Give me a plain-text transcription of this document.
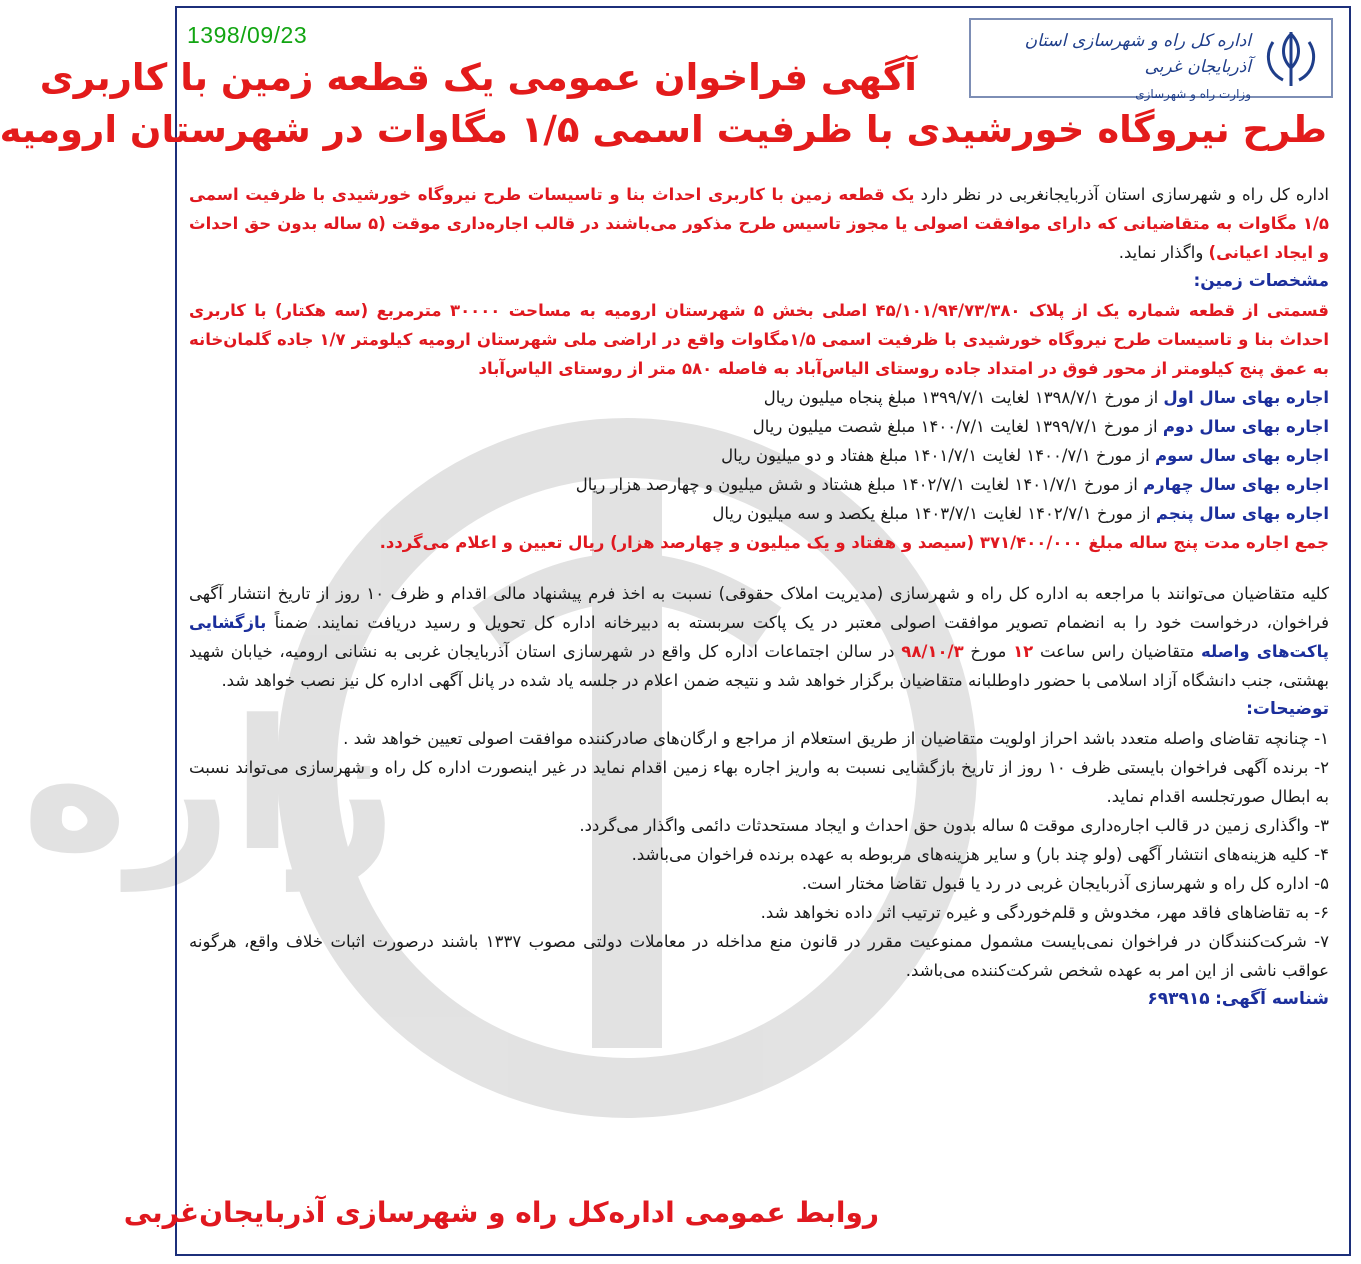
زاره
1398/09/23	اداره کل راه و شهرسازی استان آذربایجان غربی
وزارت راه و شهرسازی
آگهی فراخوان عمومی یک قطعه زمین با کاربری
طرح نیروگاه خورشیدی با ظرفیت اسمی ۱/۵ مگاوات در شهرستان ارومیه

اداره کل راه و شهرسازی استان آذربایجانغربی در نظر دارد یک قطعه زمین با کاربری احداث بنا و تاسیسات طرح نیروگاه خورشیدی با ظرفیت اسمی ۱/۵ مگاوات به متقاضیانی که دارای موافقت اصولی یا مجوز تاسیس طرح مذکور می‌باشند در قالب اجاره‌داری موقت (۵ ساله بدون حق احداث و ایجاد اعیانی) واگذار نماید.

مشخصات زمین:

قسمتی از قطعه شماره یک از پلاک ۴۵/۱۰۱/۹۴/۷۳/۳۸۰ اصلی بخش ۵ شهرستان ارومیه به مساحت ۳۰۰۰۰ مترمربع (سه هکتار) با کاربری احداث بنا و تاسیسات طرح نیروگاه خورشیدی با ظرفیت اسمی ۱/۵مگاوات واقع در اراضی ملی شهرستان ارومیه کیلومتر ۱/۷ جاده گلمان‌خانه به عمق پنج کیلومتر از محور فوق در امتداد جاده روستای الیاس‌آباد به فاصله ۵۸۰ متر از روستای الیاس‌آباد

اجاره بهای سال اول از مورخ ۱۳۹۸/۷/۱ لغایت ۱۳۹۹/۷/۱ مبلغ پنجاه میلیون ریال

اجاره بهای سال دوم از مورخ ۱۳۹۹/۷/۱ لغایت ۱۴۰۰/۷/۱ مبلغ شصت میلیون ریال

اجاره بهای سال سوم از مورخ ۱۴۰۰/۷/۱ لغایت ۱۴۰۱/۷/۱ مبلغ هفتاد و دو میلیون ریال

اجاره بهای سال چهارم از مورخ ۱۴۰۱/۷/۱ لغایت ۱۴۰۲/۷/۱ مبلغ هشتاد و شش میلیون و چهارصد هزار ریال

اجاره بهای سال پنجم از مورخ ۱۴۰۲/۷/۱ لغایت ۱۴۰۳/۷/۱ مبلغ یکصد و سه میلیون ریال

جمع اجاره مدت پنج ساله مبلغ ۳۷۱/۴۰۰/۰۰۰ (سیصد و هفتاد و یک میلیون و چهارصد هزار) ریال تعیین و اعلام می‌گردد.

کلیه متقاضیان می‌توانند با مراجعه به اداره کل راه و شهرسازی (مدیریت املاک حقوقی) نسبت به اخذ فرم پیشنهاد مالی اقدام و ظرف ۱۰ روز از تاریخ انتشار آگهی فراخوان، درخواست خود را به انضمام تصویر موافقت اصولی معتبر در یک پاکت سربسته به دبیرخانه اداره کل تحویل و رسید دریافت نمایند. ضمناً بازگشایی پاکت‌های واصله متقاضیان راس ساعت ۱۲ مورخ ۹۸/۱۰/۳ در سالن اجتماعات اداره کل واقع در شهرسازی استان آذربایجان غربی به نشانی ارومیه، خیابان شهید بهشتی، جنب دانشگاه آزاد اسلامی با حضور داوطلبانه متقاضیان برگزار خواهد شد و نتیجه ضمن اعلام در جلسه یاد شده در پانل آگهی اداره کل نیز نصب خواهد شد.

توضیحات:

۱- چنانچه تقاضای واصله متعدد باشد احراز اولویت متقاضیان از طریق استعلام از مراجع و ارگان‌های صادرکننده موافقت اصولی تعیین خواهد شد .

۲- برنده آگهی فراخوان بایستی ظرف ۱۰ روز از تاریخ بازگشایی نسبت به واریز اجاره بهاء زمین اقدام نماید در غیر اینصورت اداره کل راه و شهرسازی می‌تواند نسبت به ابطال صورتجلسه اقدام نماید.

۳- واگذاری زمین در قالب اجاره‌داری موقت ۵ ساله بدون حق احداث و ایجاد مستحدثات دائمی واگذار می‌گردد.

۴- کلیه هزینه‌های انتشار آگهی (ولو چند بار) و سایر هزینه‌های مربوطه به عهده برنده فراخوان می‌باشد.

۵- اداره کل راه و شهرسازی آذربایجان غربی در رد یا قبول تقاضا مختار است.

۶- به تقاضاهای فاقد مهر، مخدوش و قلم‌خوردگی و غیره ترتیب اثر داده نخواهد شد.

۷- شرکت‌کنندگان در فراخوان نمی‌بایست مشمول ممنوعیت مقرر در قانون منع مداخله در معاملات دولتی مصوب ۱۳۳۷ باشند درصورت اثبات خلاف واقع، هرگونه عواقب ناشی از این امر به عهده شخص شرکت‌کننده می‌باشد.

شناسه آگهی: ۶۹۳۹۱۵

روابط عمومی اداره‌کل راه و شهرسازی آذربایجان‌غربی
